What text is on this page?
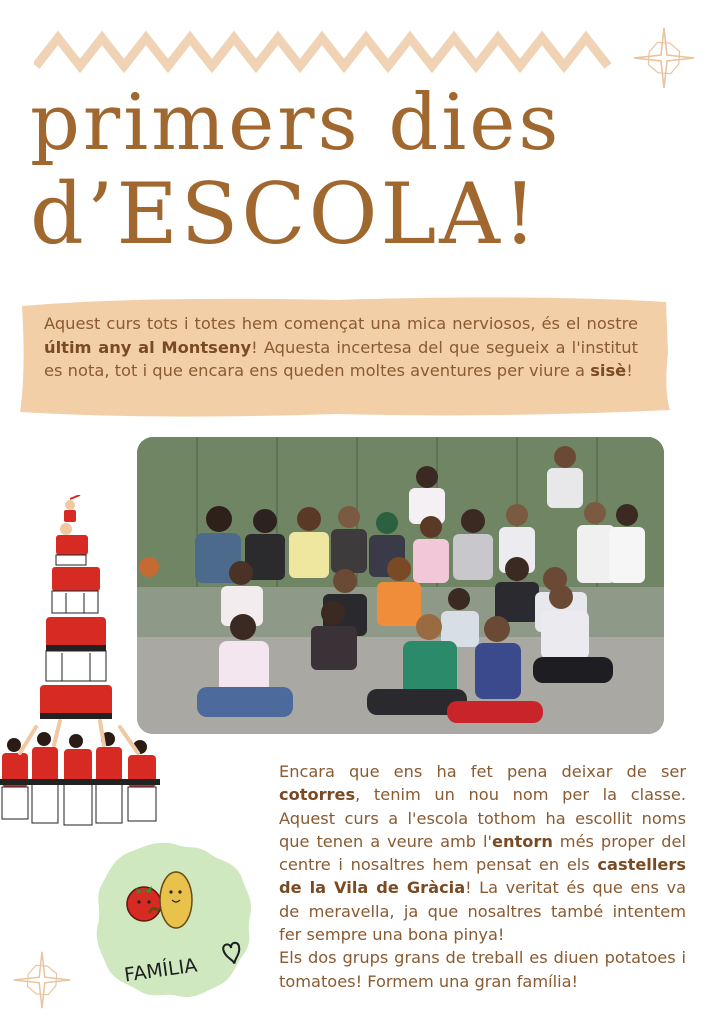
primers dies
d’ESCOLA!

Aquest curs tots i totes hem començat una mica nerviosos, és el nostre últim any al Montseny! Aquesta incertesa del que segueix a l'institut es nota, tot i que encara ens queden moltes aventures per viure a sisè!

Encara que ens ha fet pena deixar de ser cotorres, tenim un nou nom per la classe. Aquest curs a l'escola tothom ha escollit noms que tenen a veure amb l'entorn més proper del centre i nosaltres hem pensat en els castellers de la Vila de Gràcia! La veritat és que ens va de meravella, ja que nosaltres també intentem fer sempre una bona pinya!
Els dos grups grans de treball es diuen potatoes i tomatoes! Formem una gran família!

FAMÍLIA
